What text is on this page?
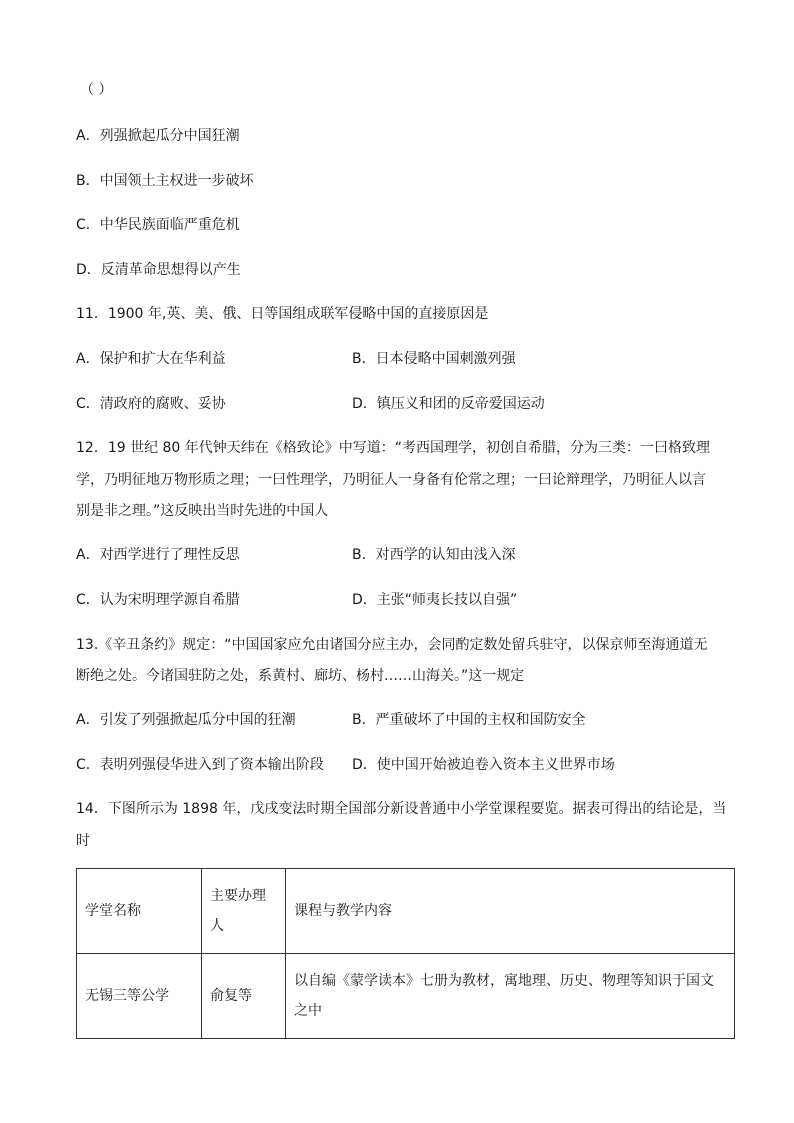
（ ）
A．列强掀起瓜分中国狂潮
B．中国领土主权进一步破坏
C．中华民族面临严重危机
D．反清革命思想得以产生
11．1900 年,英、美、俄、日等国组成联军侵略中国的直接原因是
A．保护和扩大在华利益	B．日本侵略中国刺激列强
C．清政府的腐败、妥协	D．镇压义和团的反帝爱国运动
12．19 世纪 80 年代钟天纬在《格致论》中写道：“考西国理学，初创自希腊，分为三类：一曰格致理
学，乃明征地万物形质之理；一曰性理学，乃明征人一身备有伦常之理；一曰论辩理学，乃明征人以言
别是非之理。”这反映出当时先进的中国人
A．对西学进行了理性反思	B．对西学的认知由浅入深
C．认为宋明理学源自希腊	D．主张“师夷长技以自强”
13.《辛丑条约》规定：“中国国家应允由诸国分应主办，会同酌定数处留兵驻守，以保京师至海通道无
断绝之处。今诸国驻防之处，系黄村、廊坊、杨村……山海关。”这一规定
A．引发了列强掀起瓜分中国的狂潮	B．严重破坏了中国的主权和国防安全
C．表明列强侵华进入到了资本输出阶段 D．使中国开始被迫卷入资本主义世界市场
14．下图所示为 1898 年，戊戌变法时期全国部分新设普通中小学堂课程要览。据表可得出的结论是，当
时
学堂名称	主要办理人	课程与教学内容
无锡三等公学	俞复等	以自编《蒙学读本》七册为教材，寓地理、历史、物理等知识于国文之中
